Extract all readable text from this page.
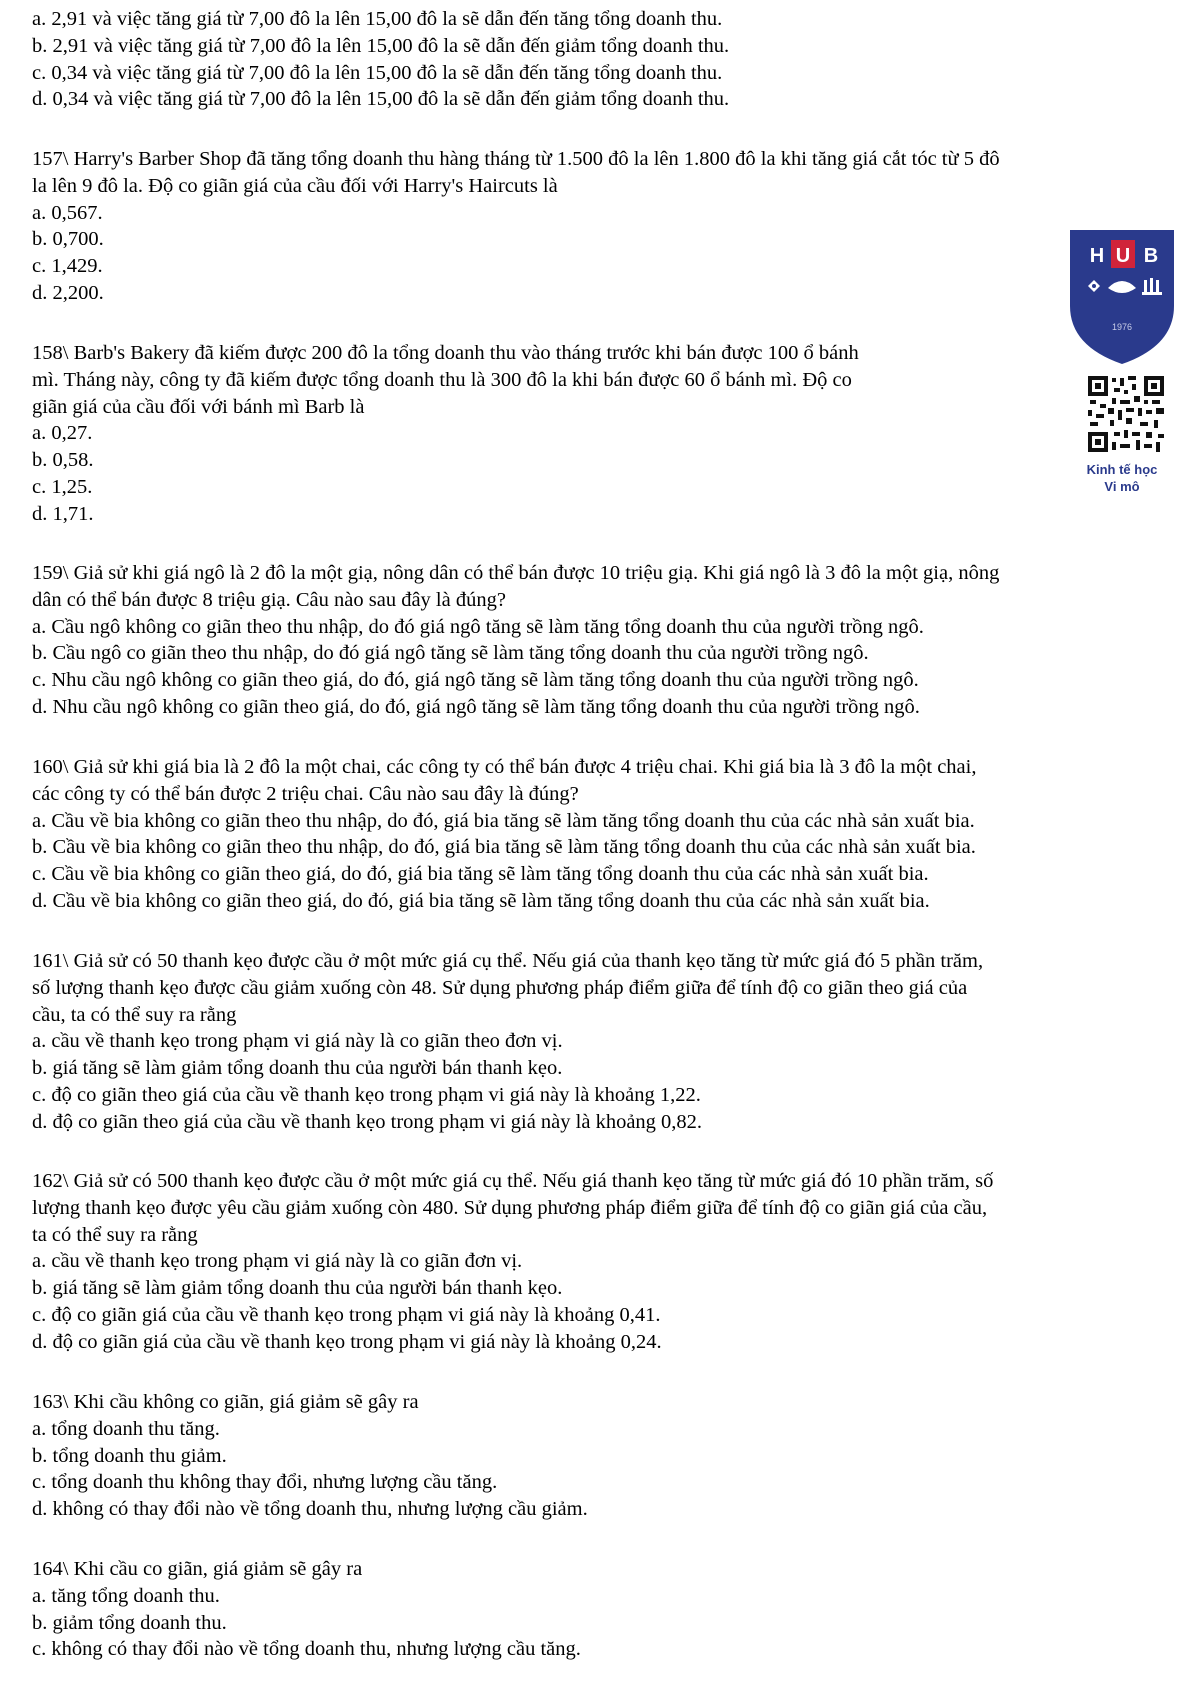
a. 2,91 và việc tăng giá từ 7,00 đô la lên 15,00 đô la sẽ dẫn đến tăng tổng doanh thu.
b. 2,91 và việc tăng giá từ 7,00 đô la lên 15,00 đô la sẽ dẫn đến giảm tổng doanh thu.
c. 0,34 và việc tăng giá từ 7,00 đô la lên 15,00 đô la sẽ dẫn đến tăng tổng doanh thu.
d. 0,34 và việc tăng giá từ 7,00 đô la lên 15,00 đô la sẽ dẫn đến giảm tổng doanh thu.
157\ Harry's Barber Shop đã tăng tổng doanh thu hàng tháng từ 1.500 đô la lên 1.800 đô la khi tăng giá cắt tóc từ 5 đô
la lên 9 đô la. Độ co giãn giá của cầu đối với Harry's Haircuts là
a. 0,567.
b. 0,700.
c. 1,429.
d. 2,200.
158\ Barb's Bakery đã kiếm được 200 đô la tổng doanh thu vào tháng trước khi bán được 100 ổ bánh
mì. Tháng này, công ty đã kiếm được tổng doanh thu là 300 đô la khi bán được 60 ổ bánh mì. Độ co
giãn giá của cầu đối với bánh mì Barb là
a. 0,27.
b. 0,58.
c. 1,25.
d. 1,71.
159\ Giả sử khi giá ngô là 2 đô la một giạ, nông dân có thể bán được 10 triệu giạ. Khi giá ngô là 3 đô la một giạ, nông
dân có thể bán được 8 triệu giạ. Câu nào sau đây là đúng?
a. Cầu ngô không co giãn theo thu nhập, do đó giá ngô tăng sẽ làm tăng tổng doanh thu của người trồng ngô.
b. Cầu ngô co giãn theo thu nhập, do đó giá ngô tăng sẽ làm tăng tổng doanh thu của người trồng ngô.
c. Nhu cầu ngô không co giãn theo giá, do đó, giá ngô tăng sẽ làm tăng tổng doanh thu của người trồng ngô.
d. Nhu cầu ngô không co giãn theo giá, do đó, giá ngô tăng sẽ làm tăng tổng doanh thu của người trồng ngô.
160\ Giả sử khi giá bia là 2 đô la một chai, các công ty có thể bán được 4 triệu chai. Khi giá bia là 3 đô la một chai,
các công ty có thể bán được 2 triệu chai. Câu nào sau đây là đúng?
a. Cầu về bia không co giãn theo thu nhập, do đó, giá bia tăng sẽ làm tăng tổng doanh thu của các nhà sản xuất bia.
b. Cầu về bia không co giãn theo thu nhập, do đó, giá bia tăng sẽ làm tăng tổng doanh thu của các nhà sản xuất bia.
c. Cầu về bia không co giãn theo giá, do đó, giá bia tăng sẽ làm tăng tổng doanh thu của các nhà sản xuất bia.
d. Cầu về bia không co giãn theo giá, do đó, giá bia tăng sẽ làm tăng tổng doanh thu của các nhà sản xuất bia.
161\ Giả sử có 50 thanh kẹo được cầu ở một mức giá cụ thể. Nếu giá của thanh kẹo tăng từ mức giá đó 5 phần trăm,
số lượng thanh kẹo được cầu giảm xuống còn 48. Sử dụng phương pháp điểm giữa để tính độ co giãn theo giá của
cầu, ta có thể suy ra rằng
a. cầu về thanh kẹo trong phạm vi giá này là co giãn theo đơn vị.
b. giá tăng sẽ làm giảm tổng doanh thu của người bán thanh kẹo.
c. độ co giãn theo giá của cầu về thanh kẹo trong phạm vi giá này là khoảng 1,22.
d. độ co giãn theo giá của cầu về thanh kẹo trong phạm vi giá này là khoảng 0,82.
162\ Giả sử có 500 thanh kẹo được cầu ở một mức giá cụ thể. Nếu giá thanh kẹo tăng từ mức giá đó 10 phần trăm, số
lượng thanh kẹo được yêu cầu giảm xuống còn 480. Sử dụng phương pháp điểm giữa để tính độ co giãn giá của cầu,
ta có thể suy ra rằng
a. cầu về thanh kẹo trong phạm vi giá này là co giãn đơn vị.
b. giá tăng sẽ làm giảm tổng doanh thu của người bán thanh kẹo.
c. độ co giãn giá của cầu về thanh kẹo trong phạm vi giá này là khoảng 0,41.
d. độ co giãn giá của cầu về thanh kẹo trong phạm vi giá này là khoảng 0,24.
163\ Khi cầu không co giãn, giá giảm sẽ gây ra
a. tổng doanh thu tăng.
b. tổng doanh thu giảm.
c. tổng doanh thu không thay đổi, nhưng lượng cầu tăng.
d. không có thay đổi nào về tổng doanh thu, nhưng lượng cầu giảm.
164\ Khi cầu co giãn, giá giảm sẽ gây ra
a. tăng tổng doanh thu.
b. giảm tổng doanh thu.
c. không có thay đổi nào về tổng doanh thu, nhưng lượng cầu tăng.
H U B
1976
Kinh tế học
Vi mô
